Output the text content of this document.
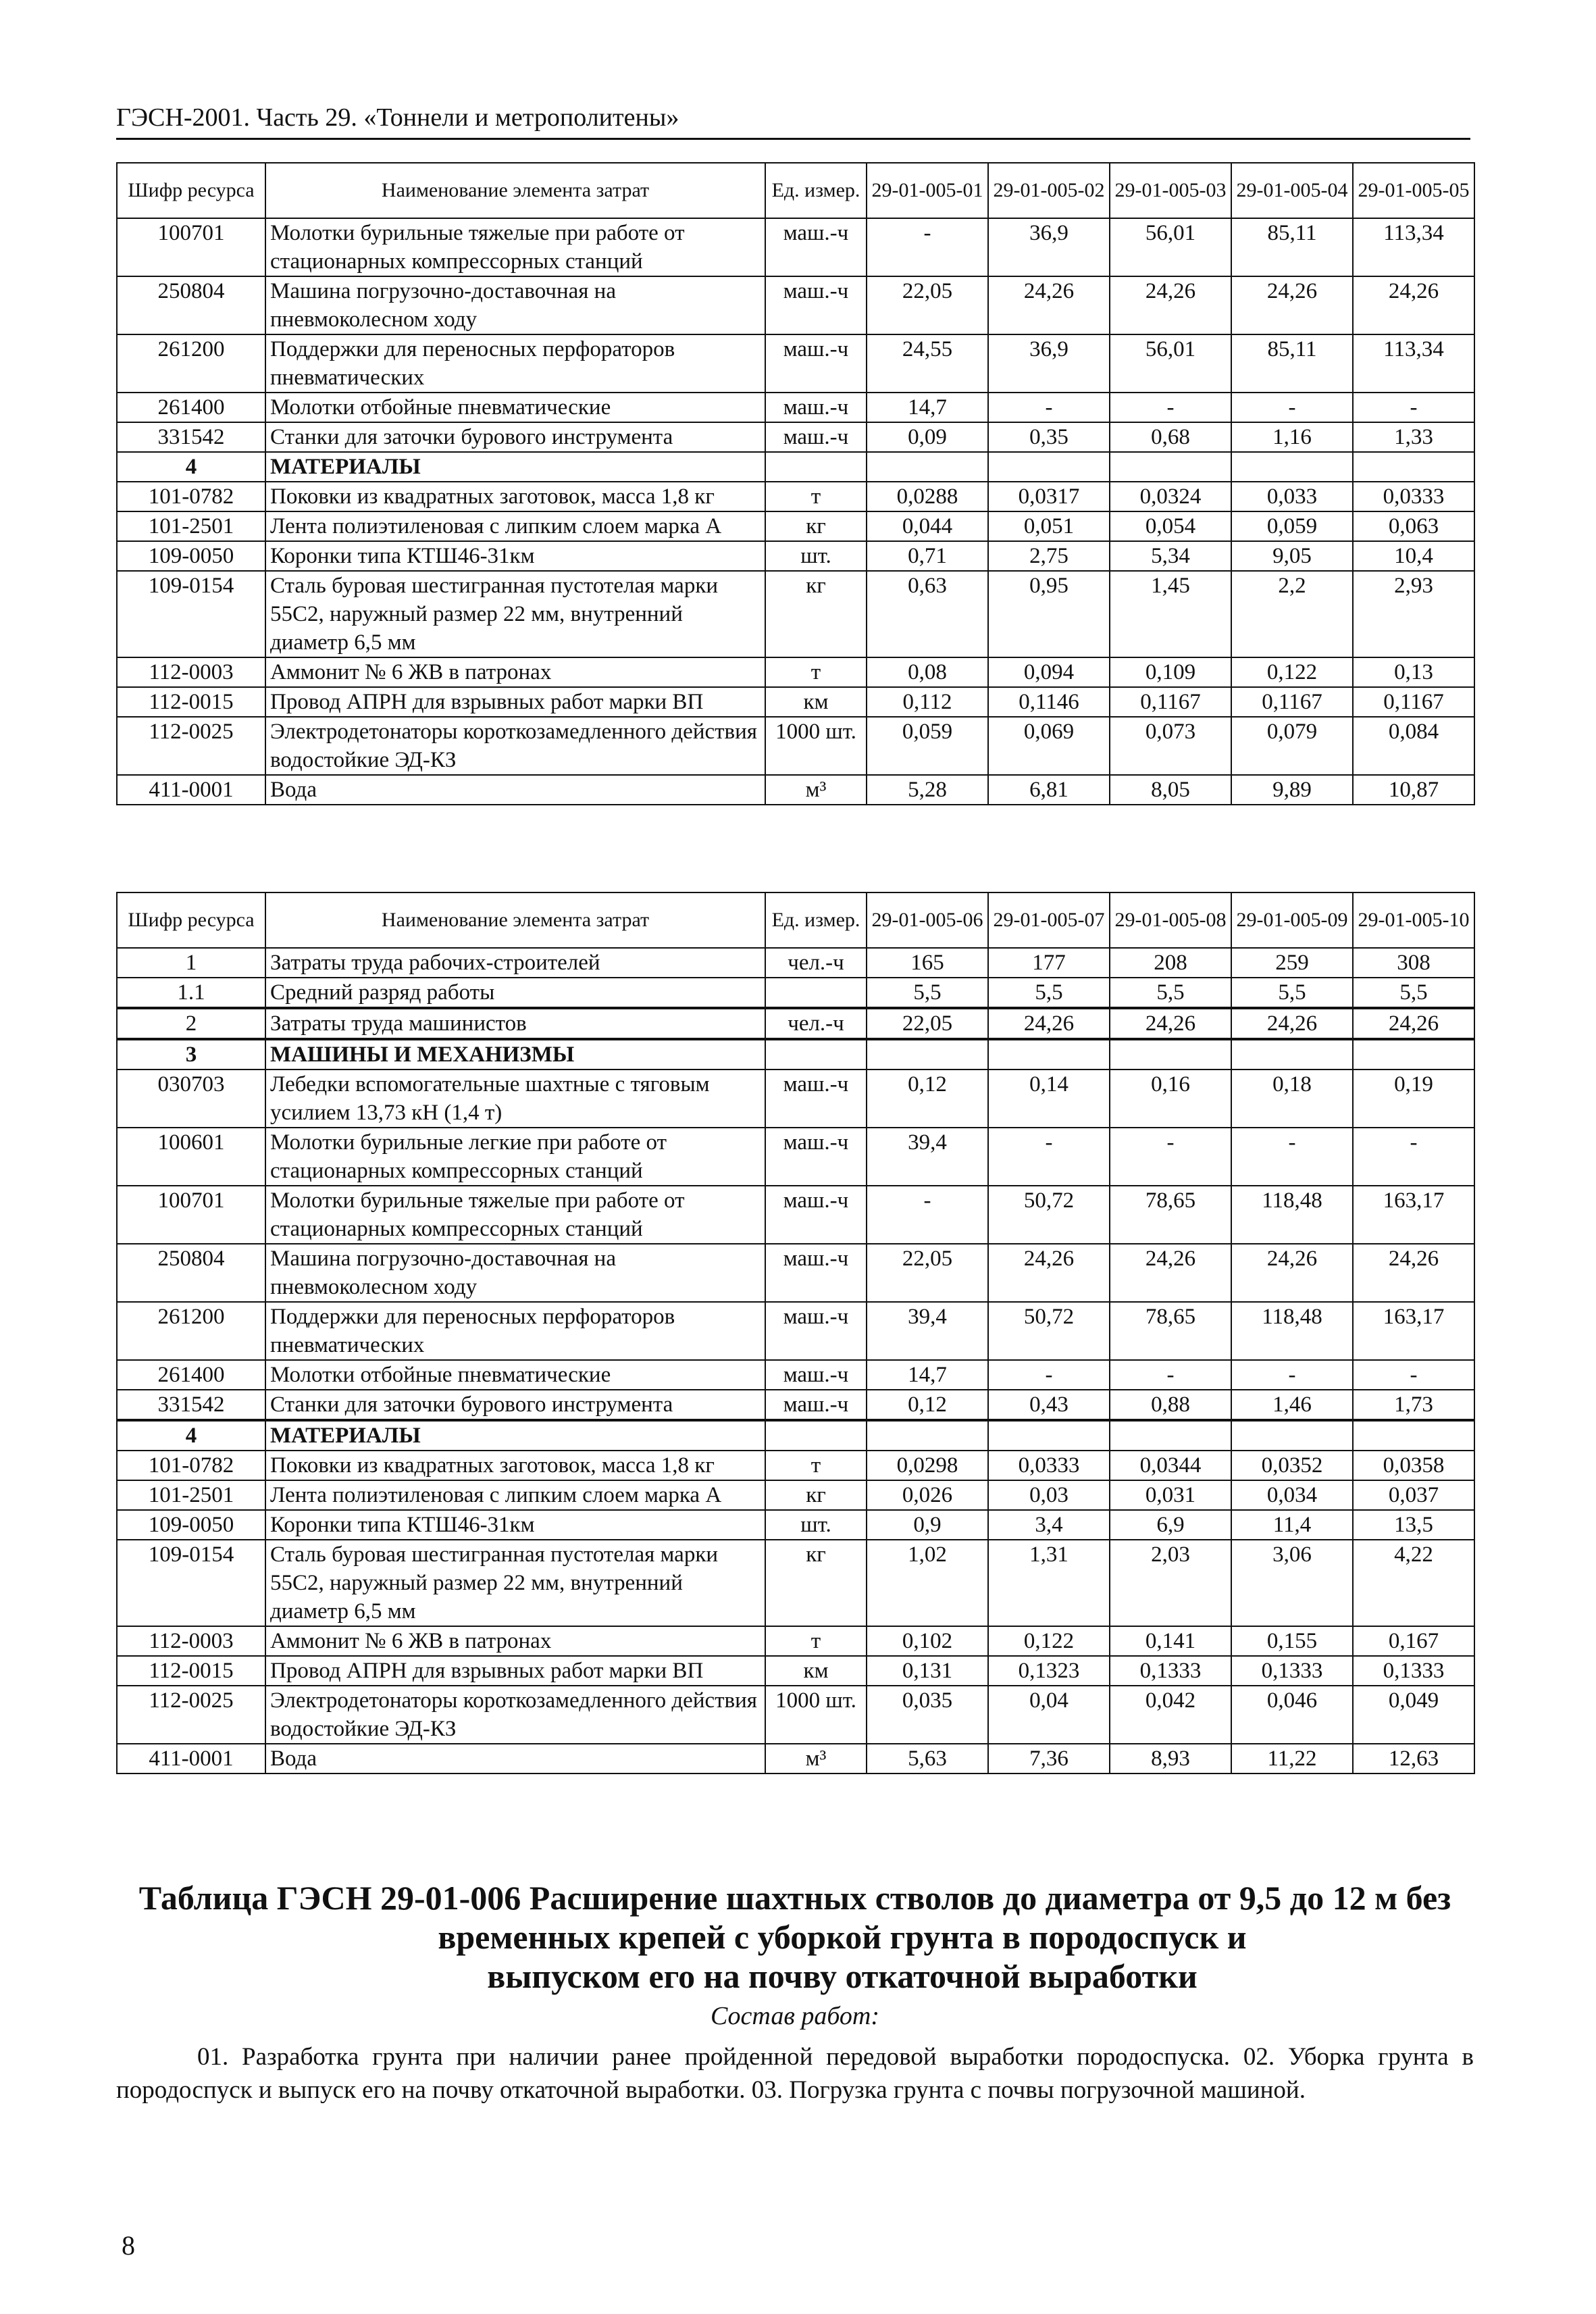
ГЭСН-2001. Часть 29. «Тоннели и метрополитены»
Шифр ресурса	Наименование элемента затрат	Ед. измер.	29-01-005-01	29-01-005-02	29-01-005-03	29-01-005-04	29-01-005-05
100701	Молотки бурильные тяжелые при работе от стационарных компрессорных станций	маш.-ч	-	36,9	56,01	85,11	113,34
250804	Машина погрузочно-доставочная на пневмоколесном ходу	маш.-ч	22,05	24,26	24,26	24,26	24,26
261200	Поддержки для переносных перфораторов пневматических	маш.-ч	24,55	36,9	56,01	85,11	113,34
261400	Молотки отбойные пневматические	маш.-ч	14,7	-	-	-	-
331542	Станки для заточки бурового инструмента	маш.-ч	0,09	0,35	0,68	1,16	1,33
4	МАТЕРИАЛЫ						
101-0782	Поковки из квадратных заготовок, масса 1,8 кг	т	0,0288	0,0317	0,0324	0,033	0,0333
101-2501	Лента полиэтиленовая с липким слоем марка А	кг	0,044	0,051	0,054	0,059	0,063
109-0050	Коронки типа КТШ46-31км	шт.	0,71	2,75	5,34	9,05	10,4
109-0154	Сталь буровая шестигранная пустотелая марки 55С2, наружный размер 22 мм, внутренний диаметр 6,5 мм	кг	0,63	0,95	1,45	2,2	2,93
112-0003	Аммонит № 6 ЖВ в патронах	т	0,08	0,094	0,109	0,122	0,13
112-0015	Провод АПРН для взрывных работ марки ВП	км	0,112	0,1146	0,1167	0,1167	0,1167
112-0025	Электродетонаторы короткозамедленного действия водостойкие ЭД-КЗ	1000 шт.	0,059	0,069	0,073	0,079	0,084
411-0001	Вода	м³	5,28	6,81	8,05	9,89	10,87
Шифр ресурса	Наименование элемента затрат	Ед. измер.	29-01-005-06	29-01-005-07	29-01-005-08	29-01-005-09	29-01-005-10
1	Затраты труда рабочих-строителей	чел.-ч	165	177	208	259	308
1.1	Средний разряд работы		5,5	5,5	5,5	5,5	5,5
2	Затраты труда машинистов	чел.-ч	22,05	24,26	24,26	24,26	24,26
3	МАШИНЫ И МЕХАНИЗМЫ						
030703	Лебедки вспомогательные шахтные с тяговым усилием 13,73 кН (1,4 т)	маш.-ч	0,12	0,14	0,16	0,18	0,19
100601	Молотки бурильные легкие при работе от стационарных компрессорных станций	маш.-ч	39,4	-	-	-	-
100701	Молотки бурильные тяжелые при работе от стационарных компрессорных станций	маш.-ч	-	50,72	78,65	118,48	163,17
250804	Машина погрузочно-доставочная на пневмоколесном ходу	маш.-ч	22,05	24,26	24,26	24,26	24,26
261200	Поддержки для переносных перфораторов пневматических	маш.-ч	39,4	50,72	78,65	118,48	163,17
261400	Молотки отбойные пневматические	маш.-ч	14,7	-	-	-	-
331542	Станки для заточки бурового инструмента	маш.-ч	0,12	0,43	0,88	1,46	1,73
4	МАТЕРИАЛЫ						
101-0782	Поковки из квадратных заготовок, масса 1,8 кг	т	0,0298	0,0333	0,0344	0,0352	0,0358
101-2501	Лента полиэтиленовая с липким слоем марка А	кг	0,026	0,03	0,031	0,034	0,037
109-0050	Коронки типа КТШ46-31км	шт.	0,9	3,4	6,9	11,4	13,5
109-0154	Сталь буровая шестигранная пустотелая марки 55С2, наружный размер 22 мм, внутренний диаметр 6,5 мм	кг	1,02	1,31	2,03	3,06	4,22
112-0003	Аммонит № 6 ЖВ в патронах	т	0,102	0,122	0,141	0,155	0,167
112-0015	Провод АПРН для взрывных работ марки ВП	км	0,131	0,1323	0,1333	0,1333	0,1333
112-0025	Электродетонаторы короткозамедленного действия водостойкие ЭД-КЗ	1000 шт.	0,035	0,04	0,042	0,046	0,049
411-0001	Вода	м³	5,63	7,36	8,93	11,22	12,63
Таблица ГЭСН 29-01-006 Расширение шахтных стволов до диаметра от 9,5 до 12 м без
временных крепей с уборкой грунта в породоспуск и
выпуском его на почву откаточной выработки
Состав работ:
01. Разработка грунта при наличии ранее пройденной передовой выработки породоспуска. 02. Уборка грунта в породоспуск и выпуск его на почву откаточной выработки. 03. Погрузка грунта с почвы погрузочной машиной.
8
